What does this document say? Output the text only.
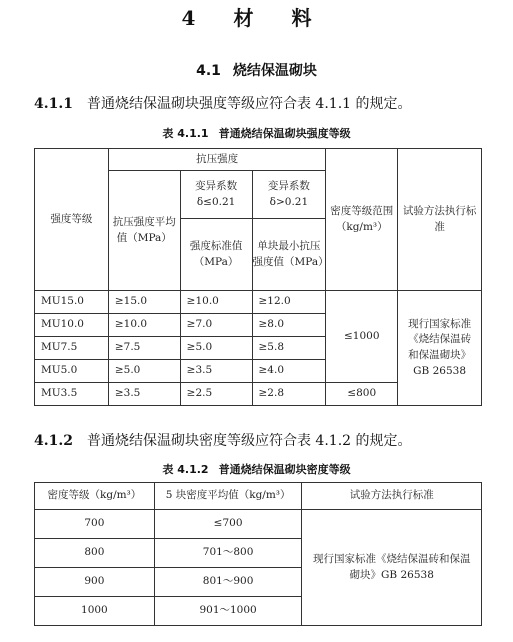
4 材 料
4.1 烧结保温砌块
4.1.1 普通烧结保温砌块强度等级应符合表 4.1.1 的规定。
表 4.1.1 普通烧结保温砌块强度等级
强度等级	抗压强度			密度等级范围（kg/m³）	试验方法执行标准
	抗压强度平均值（MPa）	变异系数 δ≤0.21	变异系数 δ>0.21		
		强度标准值（MPa）	单块最小抗压强度值（MPa）		
MU15.0	≥15.0	≥10.0	≥12.0	≤1000	现行国家标准《烧结保温砖和保温砌块》GB 26538
MU10.0	≥10.0	≥7.0	≥8.0		
MU7.5	≥7.5	≥5.0	≥5.8		
MU5.0	≥5.0	≥3.5	≥4.0		
MU3.5	≥3.5	≥2.5	≥2.8	≤800	
4.1.2 普通烧结保温砌块密度等级应符合表 4.1.2 的规定。
表 4.1.2 普通烧结保温砌块密度等级
密度等级（kg/m³）	5 块密度平均值（kg/m³）	试验方法执行标准
700	≤700	现行国家标准《烧结保温砖和保温砌块》GB 26538
800	701～800	
900	801～900	
1000	901～1000	
